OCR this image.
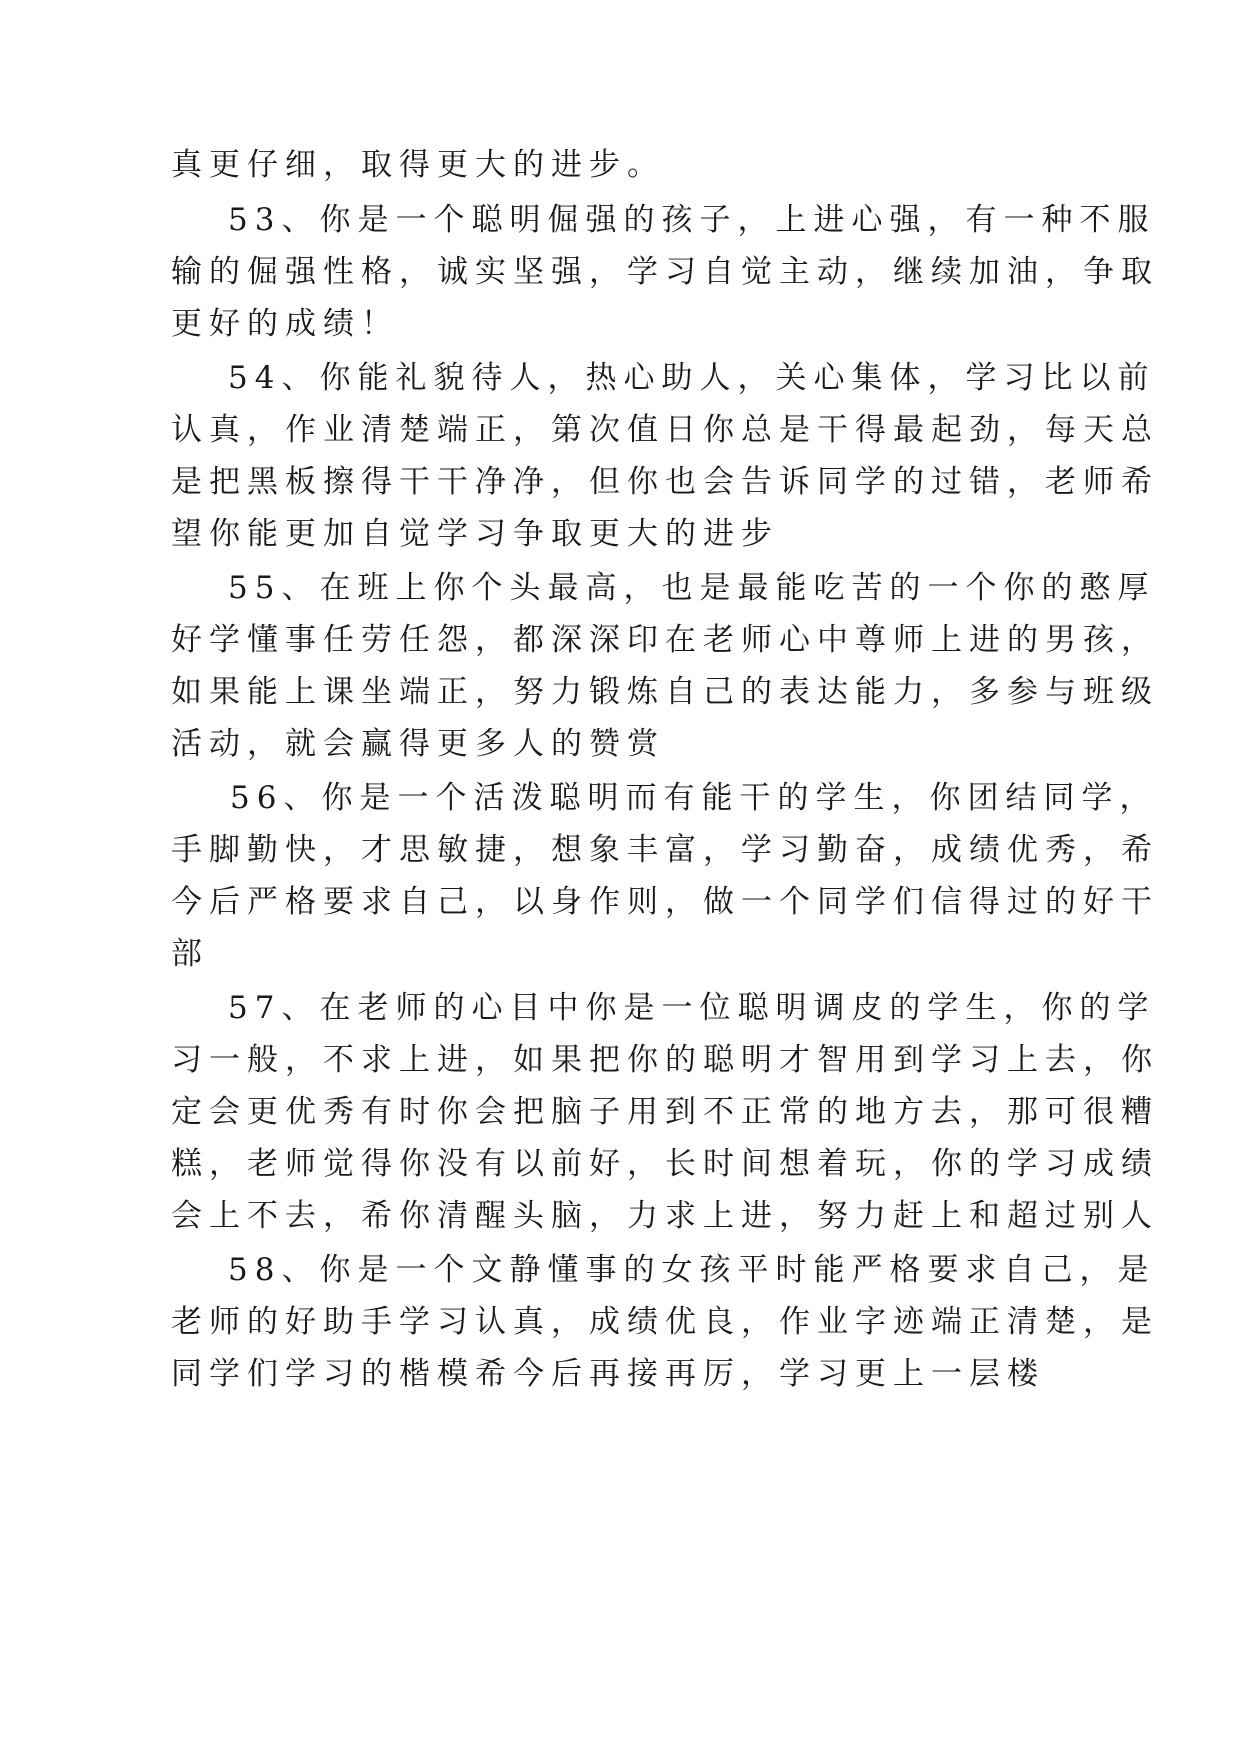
真更仔细，取得更大的进步。
53、你是一个聪明倔强的孩子，上进心强，有一种不服
输的倔强性格，诚实坚强，学习自觉主动，继续加油，争取
更好的成绩！
54、你能礼貌待人，热心助人，关心集体，学习比以前
认真，作业清楚端正，第次值日你总是干得最起劲，每天总
是把黑板擦得干干净净，但你也会告诉同学的过错，老师希
望你能更加自觉学习争取更大的进步
55、在班上你个头最高，也是最能吃苦的一个你的憨厚
好学懂事任劳任怨，都深深印在老师心中尊师上进的男孩，
如果能上课坐端正，努力锻炼自己的表达能力，多参与班级
活动，就会赢得更多人的赞赏
56、你是一个活泼聪明而有能干的学生，你团结同学，
手脚勤快，才思敏捷，想象丰富，学习勤奋，成绩优秀，希
今后严格要求自己，以身作则，做一个同学们信得过的好干
部
57、在老师的心目中你是一位聪明调皮的学生，你的学
习一般，不求上进，如果把你的聪明才智用到学习上去，你
定会更优秀有时你会把脑子用到不正常的地方去，那可很糟
糕，老师觉得你没有以前好，长时间想着玩，你的学习成绩
会上不去，希你清醒头脑，力求上进，努力赶上和超过别人
58、你是一个文静懂事的女孩平时能严格要求自己，是
老师的好助手学习认真，成绩优良，作业字迹端正清楚，是
同学们学习的楷模希今后再接再厉，学习更上一层楼
